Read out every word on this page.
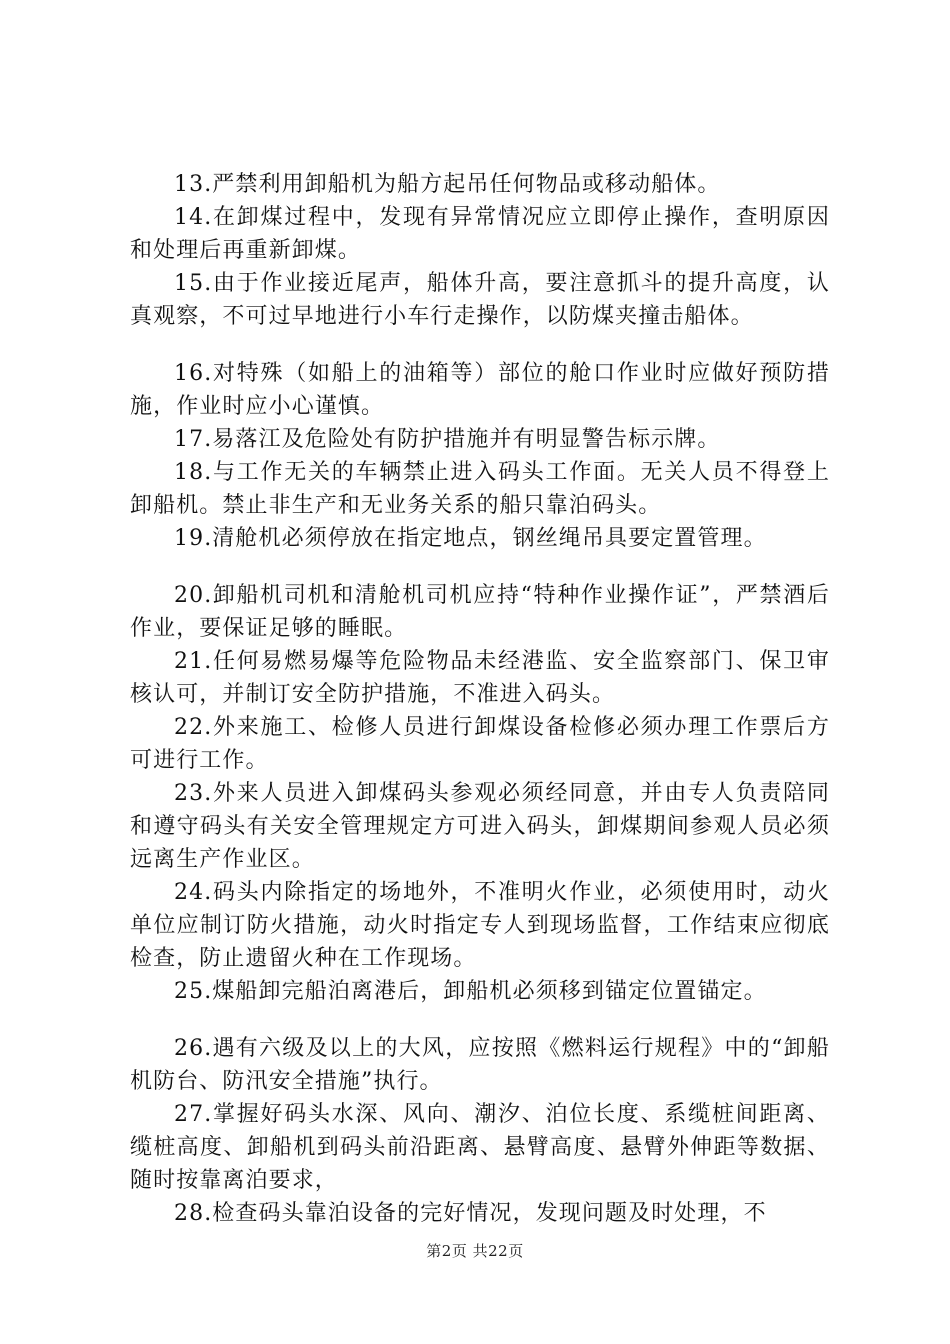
13.严禁利用卸船机为船方起吊任何物品或移动船体。

14.在卸煤过程中，发现有异常情况应立即停止操作，查明原因和处理后再重新卸煤。

15.由于作业接近尾声，船体升高，要注意抓斗的提升高度，认真观察，不可过早地进行小车行走操作，以防煤夹撞击船体。

16.对特殊（如船上的油箱等）部位的舱口作业时应做好预防措施，作业时应小心谨慎。

17.易落江及危险处有防护措施并有明显警告标示牌。

18.与工作无关的车辆禁止进入码头工作面。无关人员不得登上卸船机。禁止非生产和无业务关系的船只靠泊码头。

19.清舱机必须停放在指定地点，钢丝绳吊具要定置管理。

20.卸船机司机和清舱机司机应持“特种作业操作证”，严禁酒后作业，要保证足够的睡眠。

21.任何易燃易爆等危险物品未经港监、安全监察部门、保卫审核认可，并制订安全防护措施，不准进入码头。

22.外来施工、检修人员进行卸煤设备检修必须办理工作票后方可进行工作。

23.外来人员进入卸煤码头参观必须经同意，并由专人负责陪同和遵守码头有关安全管理规定方可进入码头，卸煤期间参观人员必须远离生产作业区。

24.码头内除指定的场地外，不准明火作业，必须使用时，动火单位应制订防火措施，动火时指定专人到现场监督，工作结束应彻底检查，防止遗留火种在工作现场。

25.煤船卸完船泊离港后，卸船机必须移到锚定位置锚定。

26.遇有六级及以上的大风，应按照《燃料运行规程》中的“卸船机防台、防汛安全措施”执行。

27.掌握好码头水深、风向、潮汐、泊位长度、系缆桩间距离、缆桩高度、卸船机到码头前沿距离、悬臂高度、悬臂外伸距等数据、随时按靠离泊要求，

28.检查码头靠泊设备的完好情况，发现问题及时处理，不

第2页 共22页
